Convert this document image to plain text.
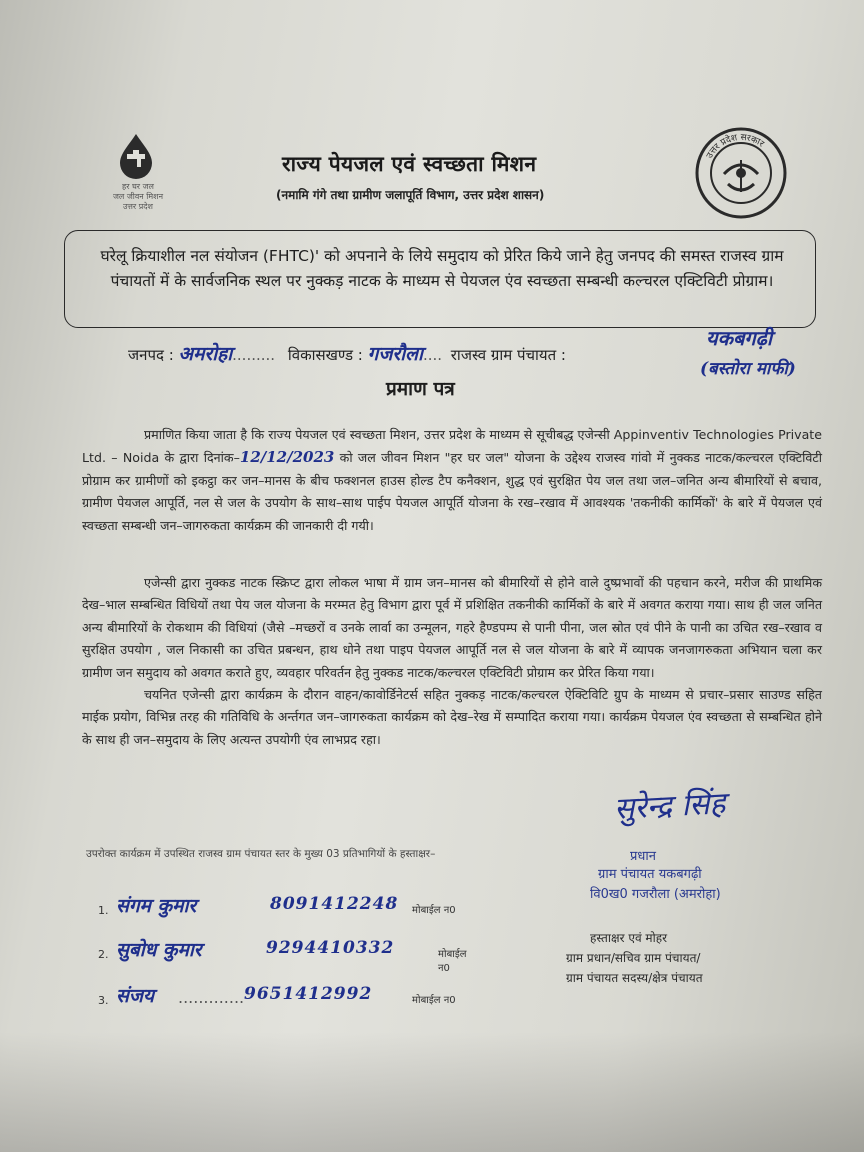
हर घर जल
जल जीवन मिशन
उत्तर प्रदेश
उत्तर प्रदेश सरकार
राज्य पेयजल एवं स्वच्छता मिशन
(नमामि गंगे तथा ग्रामीण जलापूर्ति विभाग, उत्तर प्रदेश शासन)
घरेलू क्रियाशील नल संयोजन (FHTC)' को अपनाने के लिये समुदाय को प्रेरित किये जाने हेतु जनपद की समस्त राजस्व ग्राम पंचायतों में के सार्वजनिक स्थल पर नुक्कड़ नाटक के माध्यम से पेयजल एंव स्वच्छता सम्बन्धी कल्चरल एक्टिविटी प्रोग्राम।
जनपद : अमरोहा......... विकासखण्ड : गजरौला.... राजस्व ग्राम पंचायत :
यकबगढ़ी
(बस्तोरा माफी)
प्रमाण पत्र
प्रमाणित किया जाता है कि राज्य पेयजल एवं स्वच्छता मिशन, उत्तर प्रदेश के माध्यम से सूचीबद्ध एजेन्सी Appinventiv Technologies Private Ltd. – Noida के द्वारा दिनांक–12/12/2023 को जल जीवन मिशन "हर घर जल" योजना के उद्देश्य राजस्व गांवो में नुक्कड नाटक/कल्चरल एक्टिविटी प्रोग्राम कर ग्रामीणों को इकट्ठा कर जन–मानस के बीच फक्शनल हाउस होल्ड टैप कनैक्शन, शुद्ध एवं सुरक्षित पेय जल तथा जल–जनित अन्य बीमारियों से बचाव, ग्रामीण पेयजल आपूर्ति, नल से जल के उपयोग के साथ–साथ पाईप पेयजल आपूर्ति योजना के रख–रखाव में आवश्यक 'तकनीकी कार्मिकों' के बारे में पेयजल एवं स्वच्छता सम्बन्धी जन–जागरुकता कार्यक्रम की जानकारी दी गयी।
एजेन्सी द्वारा नुक्कड नाटक स्क्रिप्ट द्वारा लोकल भाषा में ग्राम जन–मानस को बीमारियों से होने वाले दुष्प्रभावों की पहचान करने, मरीज की प्राथमिक देख–भाल सम्बन्धित विधियों तथा पेय जल योजना के मरम्मत हेतु विभाग द्वारा पूर्व में प्रशिक्षित तकनीकी कार्मिकों के बारे में अवगत कराया गया। साथ ही जल जनित अन्य बीमारियों के रोकथाम की विधियां (जैसे –मच्छरों व उनके लार्वा का उन्मूलन, गहरे हैण्डपम्प से पानी पीना, जल स्रोत एवं पीने के पानी का उचित रख–रखाव व सुरक्षित उपयोग , जल निकासी का उचित प्रबन्धन, हाथ धोने तथा पाइप पेयजल आपूर्ति नल से जल योजना के बारे में व्यापक जनजागरुकता अभियान चला कर ग्रामीण जन समुदाय को अवगत कराते हुए, व्यवहार परिवर्तन हेतु नुक्कड नाटक/कल्चरल एक्टिविटी प्रोग्राम कर प्रेरित किया गया।
चयनित एजेन्सी द्वारा कार्यक्रम के दौरान वाहन/कावोर्डिनेटर्स सहित नुक्कड़ नाटक/कल्चरल ऐक्टिविटि ग्रुप के माध्यम से प्रचार–प्रसार साउण्ड सहित माईक प्रयोग, विभिन्न तरह की गतिविधि के अर्न्तगत जन–जागरुकता कार्यक्रम को देख–रेख में सम्पादित कराया गया। कार्यक्रम पेयजल एंव स्वच्छता से सम्बन्धित होने के साथ ही जन–समुदाय के लिए अत्यन्त उपयोगी एंव लाभप्रद रहा।
सुरेन्द्र सिंह
प्रधान
ग्राम पंचायत यकबगढ़ी
वि0ख0 गजरौला (अमरोहा)
हस्ताक्षर एवं मोहर
ग्राम प्रधान/सचिव ग्राम पंचायत/
ग्राम पंचायत सदस्य/क्षेत्र पंचायत
उपरोक्त कार्यक्रम में उपस्थित राजस्व ग्राम पंचायत स्तर के मुख्य 03 प्रतिभागियों के हस्ताक्षर–
1. संगम कुमार	8091412248 मोबाईल न0
2. सुबोध कुमार	9294410332	मोबाईल न0
3. संजय ............. 9651412992	मोबाईल न0
